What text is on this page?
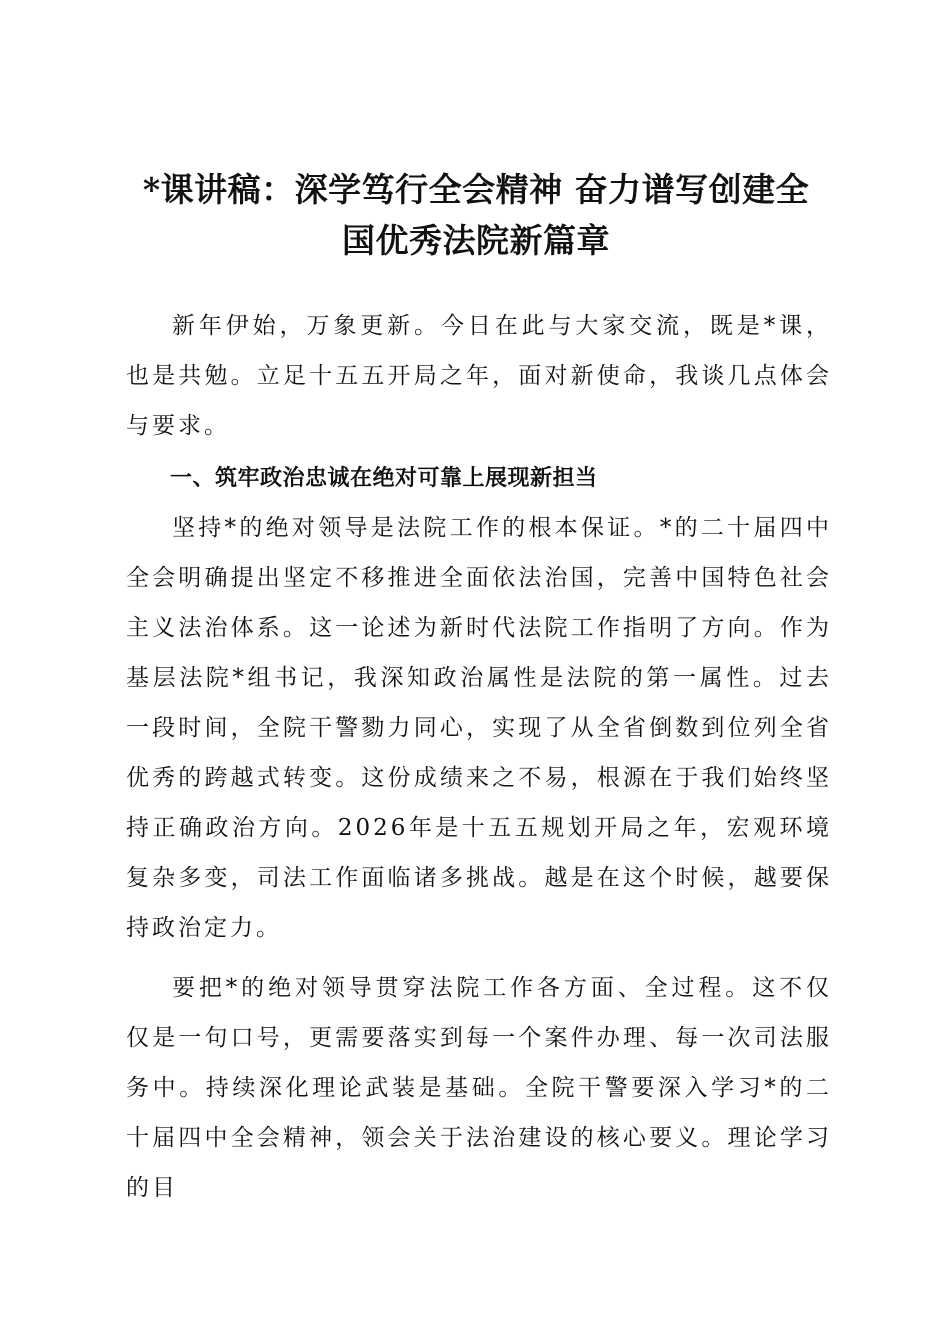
*课讲稿：深学笃行全会精神 奋力谱写创建全
国优秀法院新篇章

新年伊始，万象更新。今日在此与大家交流，既是*课，也是共勉。立足十五五开局之年，面对新使命，我谈几点体会与要求。

一、筑牢政治忠诚在绝对可靠上展现新担当

坚持*的绝对领导是法院工作的根本保证。*的二十届四中全会明确提出坚定不移推进全面依法治国，完善中国特色社会主义法治体系。这一论述为新时代法院工作指明了方向。作为基层法院*组书记，我深知政治属性是法院的第一属性。过去一段时间，全院干警勠力同心，实现了从全省倒数到位列全省优秀的跨越式转变。这份成绩来之不易，根源在于我们始终坚持正确政治方向。2026年是十五五规划开局之年，宏观环境复杂多变，司法工作面临诸多挑战。越是在这个时候，越要保持政治定力。

要把*的绝对领导贯穿法院工作各方面、全过程。这不仅仅是一句口号，更需要落实到每一个案件办理、每一次司法服务中。持续深化理论武装是基础。全院干警要深入学习*的二十届四中全会精神，领会关于法治建设的核心要义。理论学习的目
